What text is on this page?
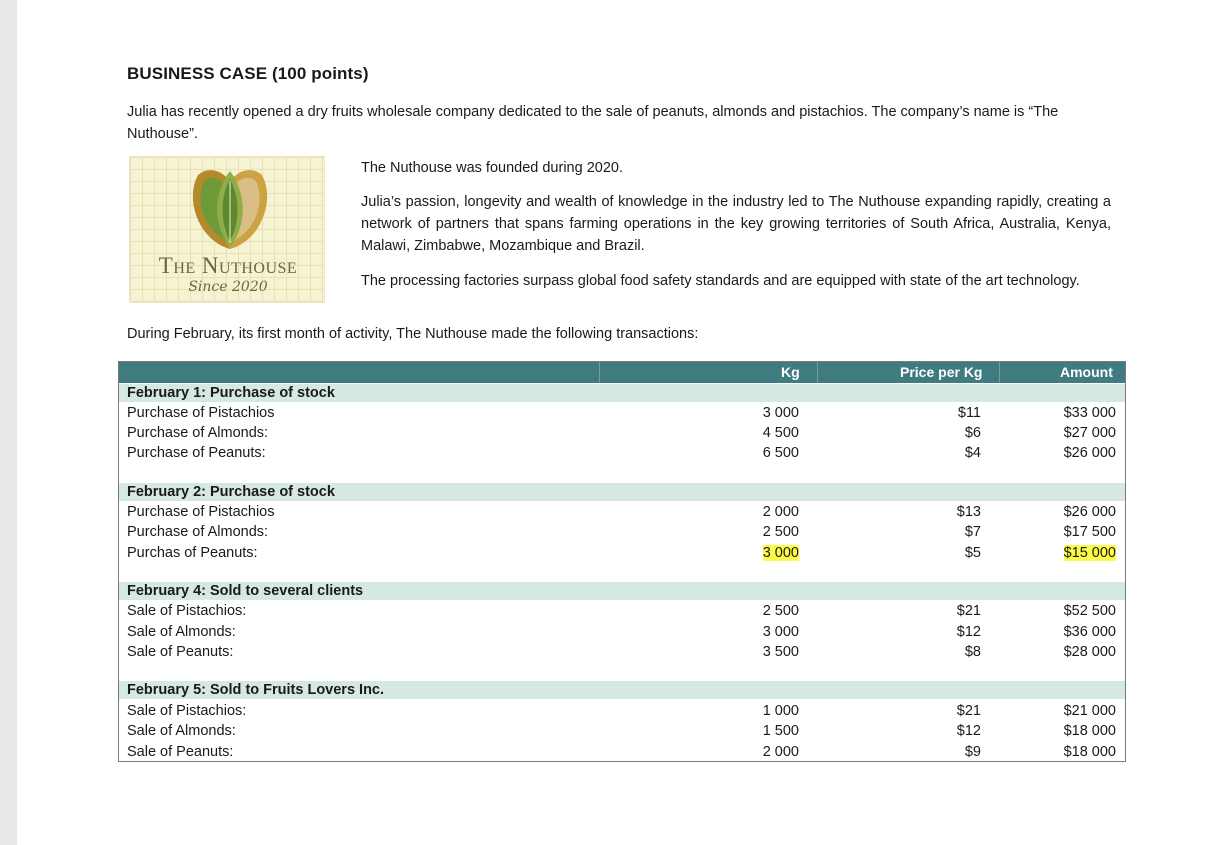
BUSINESS CASE (100 points)
Julia has recently opened a dry fruits wholesale company dedicated to the sale of peanuts, almonds and pistachios. The company’s name is “The Nuthouse”.
The Nuthouse
Since 2020
The Nuthouse was founded during 2020.
Julia’s passion, longevity and wealth of knowledge in the industry led to The Nuthouse expanding rapidly, creating a network of partners that spans farming operations in the key growing territories of South Africa, Australia, Kenya, Malawi, Zimbabwe, Mozambique and Brazil.
The processing factories surpass global food safety standards and are equipped with state of the art technology.
During February, its first month of activity, The Nuthouse made the following transactions:
Kg	Price per Kg	Amount
February 1: Purchase of stock
Purchase of Pistachios	3 000	$11	$33 000
Purchase of Almonds:	4 500	$6	$27 000
Purchase of Peanuts:	6 500	$4	$26 000
February 2: Purchase of stock
Purchase of Pistachios	2 000	$13	$26 000
Purchase of Almonds:	2 500	$7	$17 500
Purchas of Peanuts:	3 000	$5	$15 000
February 4: Sold to several clients
Sale of Pistachios:	2 500	$21	$52 500
Sale of Almonds:	3 000	$12	$36 000
Sale of Peanuts:	3 500	$8	$28 000
February 5: Sold to Fruits Lovers Inc.
Sale of Pistachios:	1 000	$21	$21 000
Sale of Almonds:	1 500	$12	$18 000
Sale of Peanuts:	2 000	$9	$18 000
